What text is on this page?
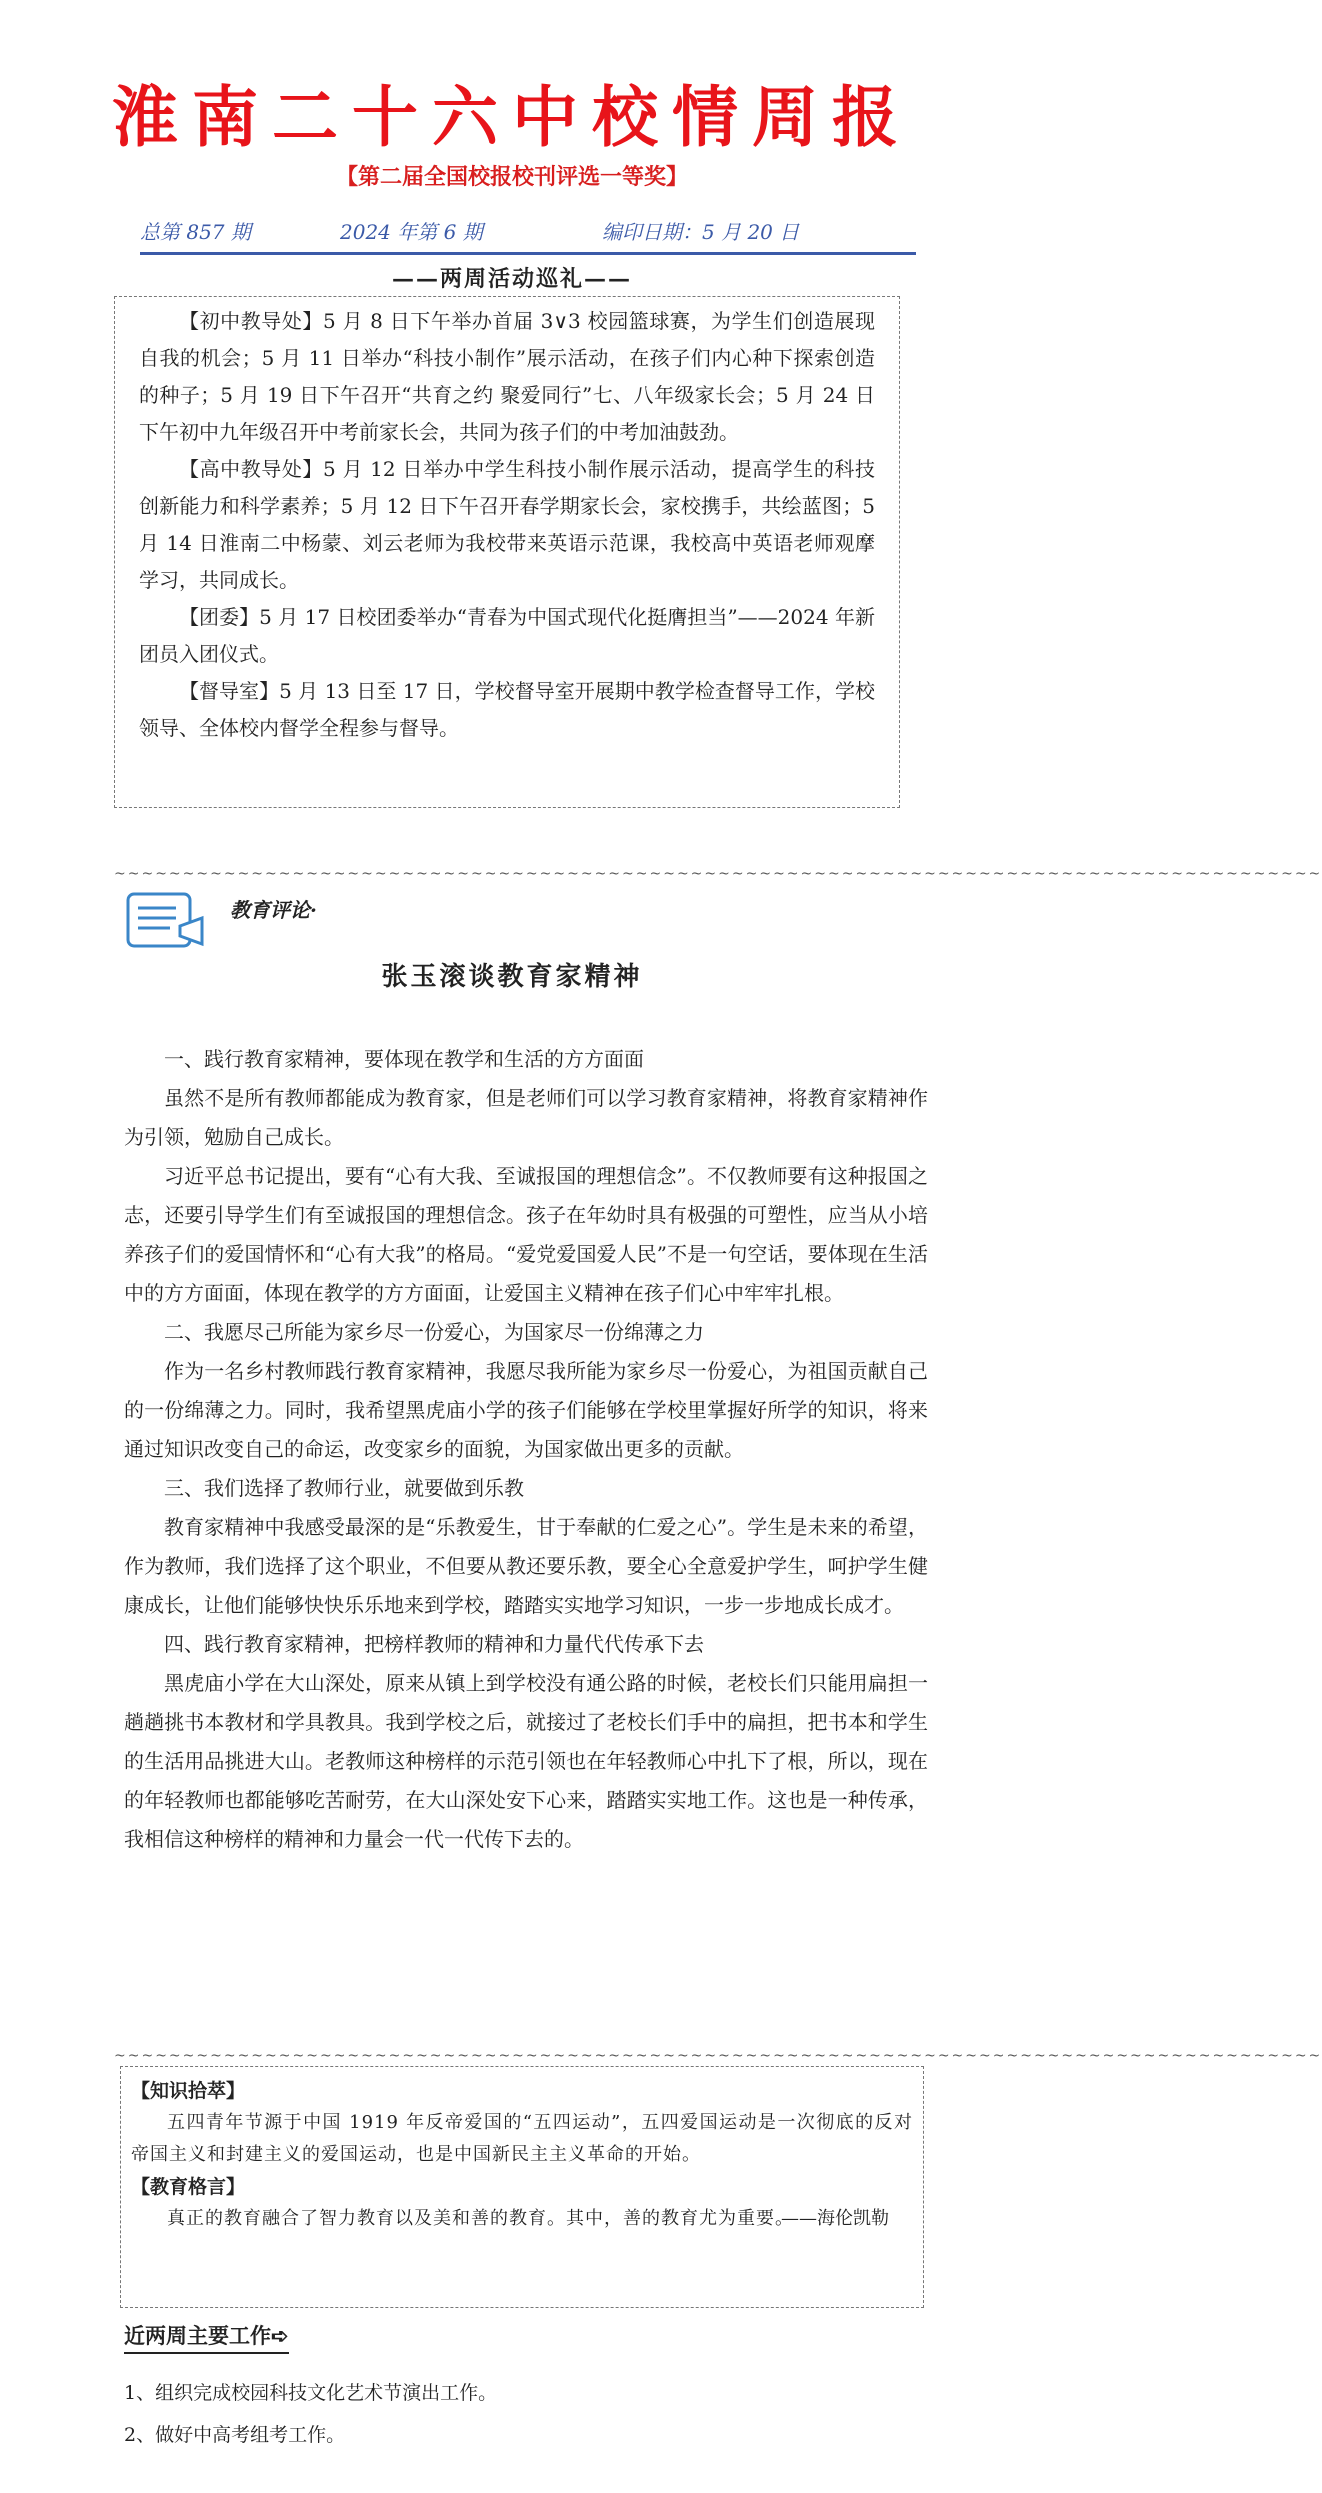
淮南二十六中校情周报
【第二届全国校报校刊评选一等奖】
总第 857 期	2024 年第 6 期	编印日期：5 月 20 日
——两周活动巡礼——

【初中教导处】5 月 8 日下午举办首届 3∨3 校园篮球赛，为学生们创造展现自我的机会；5 月 11 日举办“科技小制作”展示活动，在孩子们内心种下探索创造的种子；5 月 19 日下午召开“共育之约 聚爱同行”七、八年级家长会；5 月 24 日下午初中九年级召开中考前家长会，共同为孩子们的中考加油鼓劲。

【高中教导处】5 月 12 日举办中学生科技小制作展示活动，提高学生的科技创新能力和科学素养；5 月 12 日下午召开春学期家长会，家校携手，共绘蓝图；5 月 14 日淮南二中杨蒙、刘云老师为我校带来英语示范课，我校高中英语老师观摩学习，共同成长。

【团委】5 月 17 日校团委举办“青春为中国式现代化挺膺担当”——2024 年新团员入团仪式。

【督导室】5 月 13 日至 17 日，学校督导室开展期中教学检查督导工作，学校领导、全体校内督学全程参与督导。

~~~~~~~~~~~~~~~~~~~~~~~~~~~~~~~~~~~~~~~~~~~~~~~~~~~~~~~~~~~~~~~~~~~~~~~~~~~~~~~~~~~~~~~~
教育评论·
张玉滚谈教育家精神

一、践行教育家精神，要体现在教学和生活的方方面面

虽然不是所有教师都能成为教育家，但是老师们可以学习教育家精神，将教育家精神作为引领，勉励自己成长。

习近平总书记提出，要有“心有大我、至诚报国的理想信念”。不仅教师要有这种报国之志，还要引导学生们有至诚报国的理想信念。孩子在年幼时具有极强的可塑性，应当从小培养孩子们的爱国情怀和“心有大我”的格局。“爱党爱国爱人民”不是一句空话，要体现在生活中的方方面面，体现在教学的方方面面，让爱国主义精神在孩子们心中牢牢扎根。

二、我愿尽己所能为家乡尽一份爱心，为国家尽一份绵薄之力

作为一名乡村教师践行教育家精神，我愿尽我所能为家乡尽一份爱心，为祖国贡献自己的一份绵薄之力。同时，我希望黑虎庙小学的孩子们能够在学校里掌握好所学的知识，将来通过知识改变自己的命运，改变家乡的面貌，为国家做出更多的贡献。

三、我们选择了教师行业，就要做到乐教

教育家精神中我感受最深的是“乐教爱生，甘于奉献的仁爱之心”。学生是未来的希望，作为教师，我们选择了这个职业，不但要从教还要乐教，要全心全意爱护学生，呵护学生健康成长，让他们能够快快乐乐地来到学校，踏踏实实地学习知识，一步一步地成长成才。

四、践行教育家精神，把榜样教师的精神和力量代代传承下去

黑虎庙小学在大山深处，原来从镇上到学校没有通公路的时候，老校长们只能用扁担一趟趟挑书本教材和学具教具。我到学校之后，就接过了老校长们手中的扁担，把书本和学生的生活用品挑进大山。老教师这种榜样的示范引领也在年轻教师心中扎下了根，所以，现在的年轻教师也都能够吃苦耐劳，在大山深处安下心来，踏踏实实地工作。这也是一种传承，我相信这种榜样的精神和力量会一代一代传下去的。

~~~~~~~~~~~~~~~~~~~~~~~~~~~~~~~~~~~~~~~~~~~~~~~~~~~~~~~~~~~~~~~~~~~~~~~~~~~~~~~~~~~~~~~~

【知识拾萃】

五四青年节源于中国 1919 年反帝爱国的“五四运动”，五四爱国运动是一次彻底的反对帝国主义和封建主义的爱国运动，也是中国新民主主义革命的开始。

【教育格言】

真正的教育融合了智力教育以及美和善的教育。其中，善的教育尤为重要。

——海伦凯勒

近两周主要工作➪
1、组织完成校园科技文化艺术节演出工作。
2、做好中高考组考工作。
